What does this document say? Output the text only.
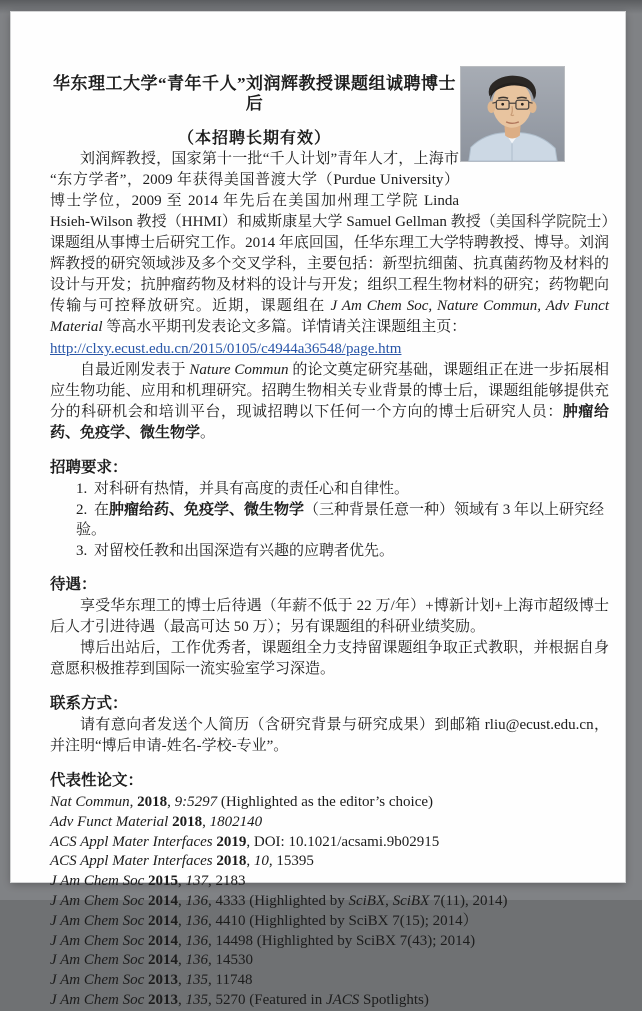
华东理工大学“青年千人”刘润辉教授课题组诚聘博士后
（本招聘长期有效）

刘润辉教授，国家第十一批“千人计划”青年人才，上海市“东方学者”，2009 年获得美国普渡大学（Purdue University）博士学位，2009 至 2014 年先后在美国加州理工学院 Linda Hsieh-Wilson 教授（HHMI）和威斯康星大学 Samuel Gellman 教授（美国科学院院士）课题组从事博士后研究工作。2014 年底回国，任华东理工大学特聘教授、博导。刘润辉教授的研究领域涉及多个交叉学科，主要包括：新型抗细菌、抗真菌药物及材料的设计与开发；抗肿瘤药物及材料的设计与开发；组织工程生物材料的研究；药物靶向传输与可控释放研究。近期，课题组在 J Am Chem Soc, Nature Commun, Adv Funct Material 等高水平期刊发表论文多篇。详情请关注课题组主页：

http://clxy.ecust.edu.cn/2015/0105/c4944a36548/page.htm

自最近刚发表于 Nature Commun 的论文奠定研究基础，课题组正在进一步拓展相应生物功能、应用和机理研究。招聘生物相关专业背景的博士后，课题组能够提供充分的科研机会和培训平台，现诚招聘以下任何一个方向的博士后研究人员：肿瘤给药、免疫学、微生物学。

招聘要求：
1. 对科研有热情，并具有高度的责任心和自律性。
2. 在肿瘤给药、免疫学、微生物学（三种背景任意一种）领域有 3 年以上研究经验。
3. 对留校任教和出国深造有兴趣的应聘者优先。
待遇：

享受华东理工的博士后待遇（年薪不低于 22 万/年）+博新计划+上海市超级博士后人才引进待遇（最高可达 50 万）；另有课题组的科研业绩奖励。

博后出站后，工作优秀者，课题组全力支持留课题组争取正式教职，并根据自身意愿积极推荐到国际一流实验室学习深造。

联系方式：

请有意向者发送个人简历（含研究背景与研究成果）到邮箱 rliu@ecust.edu.cn，并注明“博后申请-姓名-学校-专业”。

代表性论文：
Nat Commun, 2018, 9:5297 (Highlighted as the editor’s choice)
Adv Funct Material 2018, 1802140
ACS Appl Mater Interfaces 2019, DOI: 10.1021/acsami.9b02915
ACS Appl Mater Interfaces 2018, 10, 15395
J Am Chem Soc 2015, 137, 2183
J Am Chem Soc 2014, 136, 4333 (Highlighted by SciBX, SciBX 7(11), 2014)
J Am Chem Soc 2014, 136, 4410 (Highlighted by SciBX 7(15); 2014）
J Am Chem Soc 2014, 136, 14498 (Highlighted by SciBX 7(43); 2014)
J Am Chem Soc 2014, 136, 14530
J Am Chem Soc 2013, 135, 11748
J Am Chem Soc 2013, 135, 5270 (Featured in JACS Spotlights)
